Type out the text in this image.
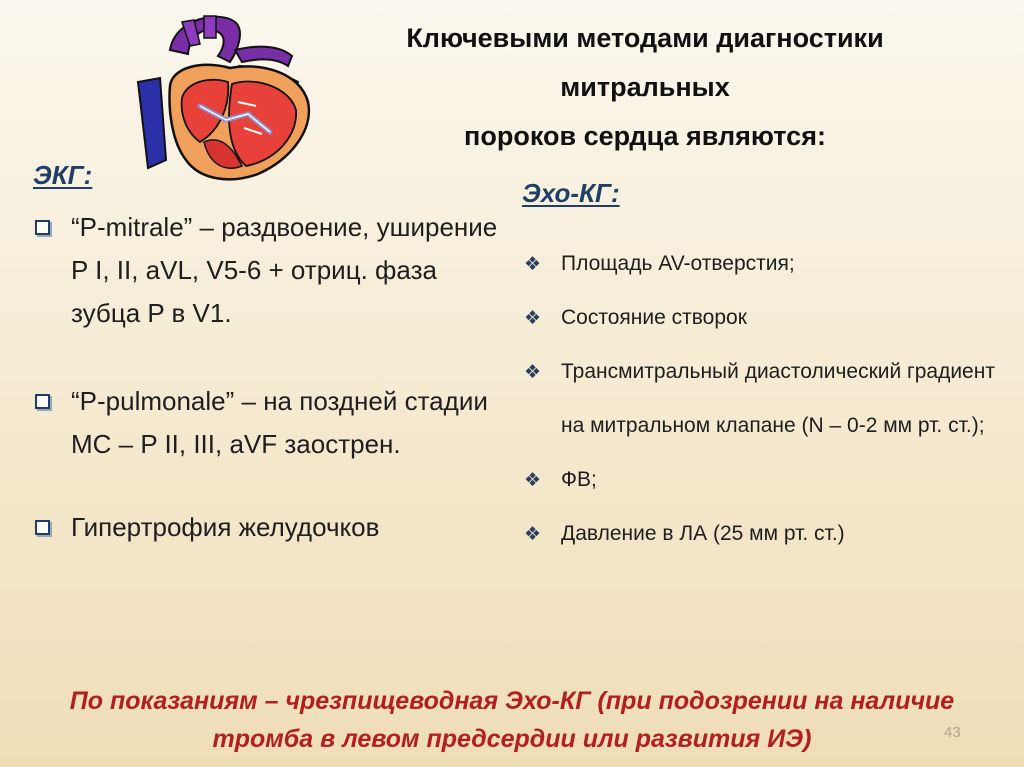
Ключевыми методами диагностики
митральных
пороков сердца являются:
ЭКГ:
“P-mitrale” – раздвоение, уширение P I, II, aVL, V5-6 + отриц. фаза зубца P в V1.
“P-pulmonale” – на поздней стадии МС – P II, III, aVF заострен.
Гипертрофия желудочков
Эхо-КГ:
❖ Площадь AV-отверстия;
❖ Состояние створок
❖ Трансмитральный диастолический градиент на митральном клапане (N – 0-2 мм рт. ст.);
❖ ФВ;
❖ Давление в ЛА (25 мм рт. ст.)
По показаниям – чрезпищеводная Эхо-КГ (при подозрении на наличие тромба в левом предсердии или развития ИЭ)	43
